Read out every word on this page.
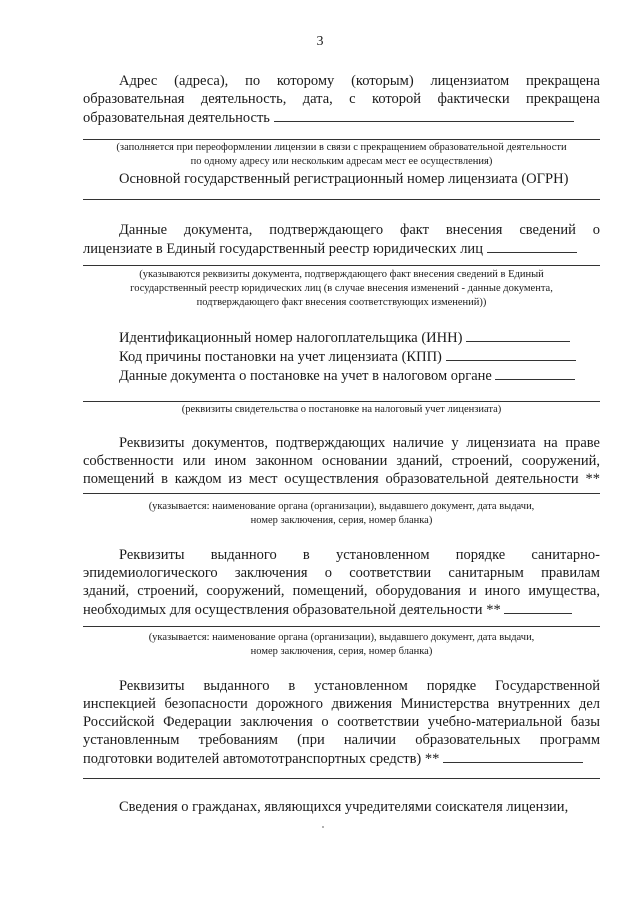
3
Адрес (адреса), по которому (которым) лицензиатом прекращена
образовательная деятельность, дата, с которой фактически прекращена
образовательная деятельность
(заполняется при переоформлении лицензии в связи с прекращением образовательной деятельности
по одному адресу или нескольким адресам мест ее осуществления)
Основной государственный регистрационный номер лицензиата (ОГРН)
Данные документа, подтверждающего факт внесения сведений о
лицензиате в Единый государственный реестр юридических лиц
(указываются реквизиты документа, подтверждающего факт внесения сведений в Единый
государственный реестр юридических лиц (в случае внесения изменений - данные документа,
подтверждающего факт внесения соответствующих изменений))
Идентификационный номер налогоплательщика (ИНН)
Код причины постановки на учет лицензиата (КПП)
Данные документа о постановке на учет в налоговом органе
(реквизиты свидетельства о постановке на налоговый учет лицензиата)
Реквизиты документов, подтверждающих наличие у лицензиата на праве
собственности или ином законном основании зданий, строений, сооружений,
помещений в каждом из мест осуществления образовательной деятельности **
(указывается: наименование органа (организации), выдавшего документ, дата выдачи,
номер заключения, серия, номер бланка)
Реквизиты выданного в установленном порядке санитарно-
эпидемиологического заключения о соответствии санитарным правилам
зданий, строений, сооружений, помещений, оборудования и иного имущества,
необходимых для осуществления образовательной деятельности **
(указывается: наименование органа (организации), выдавшего документ, дата выдачи,
номер заключения, серия, номер бланка)
Реквизиты выданного в установленном порядке Государственной
инспекцией безопасности дорожного движения Министерства внутренних дел
Российской Федерации заключения о соответствии учебно-материальной базы
установленным требованиям (при наличии образовательных программ
подготовки водителей автомототранспортных средств) **
Сведения о гражданах, являющихся учредителями соискателя лицензии,
